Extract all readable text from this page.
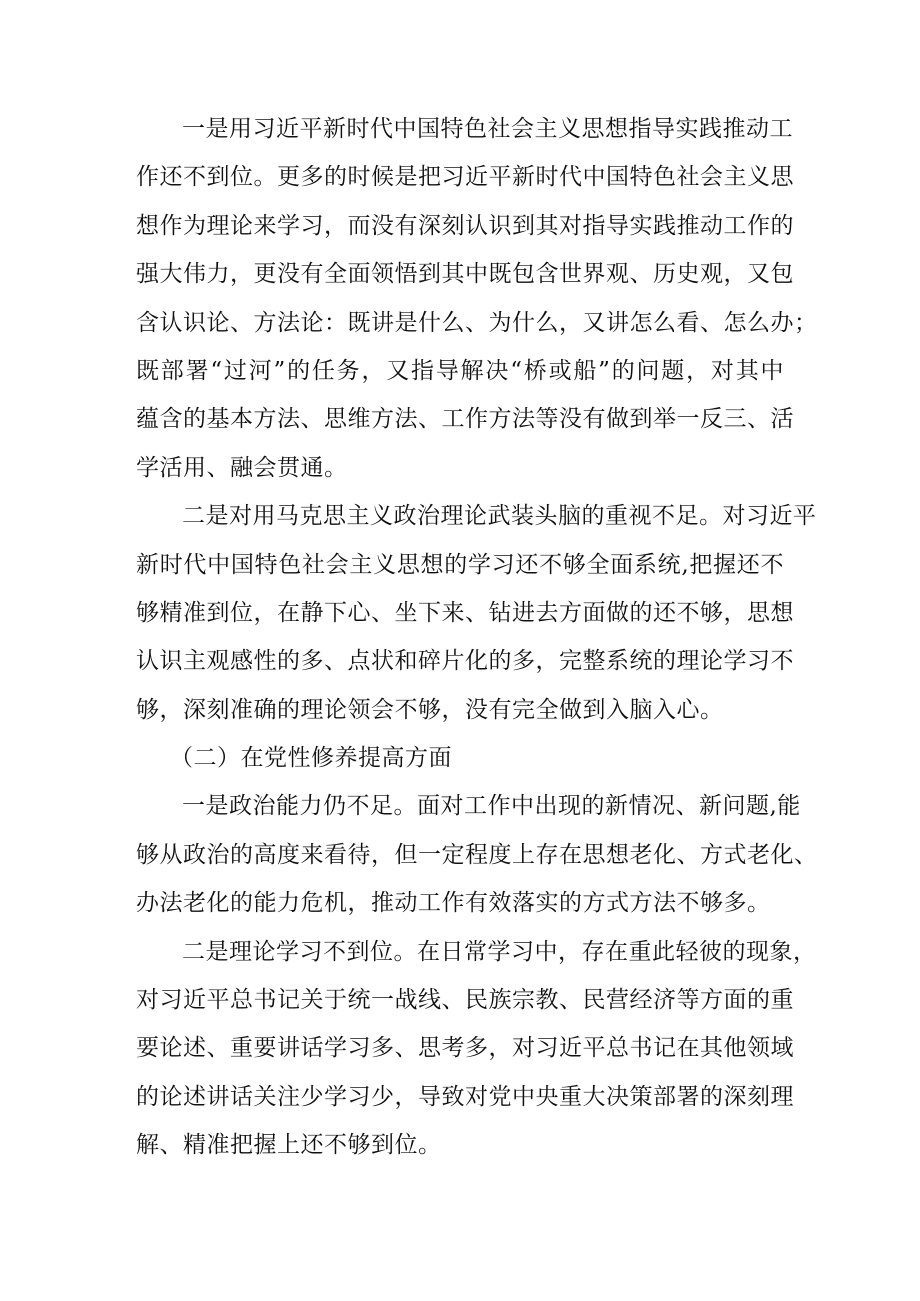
一是用习近平新时代中国特色社会主义思想指导实践推动工
作还不到位。更多的时候是把习近平新时代中国特色社会主义思
想作为理论来学习，而没有深刻认识到其对指导实践推动工作的
强大伟力，更没有全面领悟到其中既包含世界观、历史观，又包
含认识论、方法论：既讲是什么、为什么，又讲怎么看、怎么办；
既部署“过河”的任务，又指导解决“桥或船”的问题，对其中
蕴含的基本方法、思维方法、工作方法等没有做到举一反三、活
学活用、融会贯通。
二是对用马克思主义政治理论武装头脑的重视不足。对习近平
新时代中国特色社会主义思想的学习还不够全面系统,把握还不
够精准到位，在静下心、坐下来、钻进去方面做的还不够，思想
认识主观感性的多、点状和碎片化的多，完整系统的理论学习不
够，深刻准确的理论领会不够，没有完全做到入脑入心。
（二）在党性修养提高方面
一是政治能力仍不足。面对工作中出现的新情况、新问题,能
够从政治的高度来看待，但一定程度上存在思想老化、方式老化、
办法老化的能力危机，推动工作有效落实的方式方法不够多。
二是理论学习不到位。在日常学习中，存在重此轻彼的现象，
对习近平总书记关于统一战线、民族宗教、民营经济等方面的重
要论述、重要讲话学习多、思考多，对习近平总书记在其他领域
的论述讲话关注少学习少，导致对党中央重大决策部署的深刻理
解、精准把握上还不够到位。
